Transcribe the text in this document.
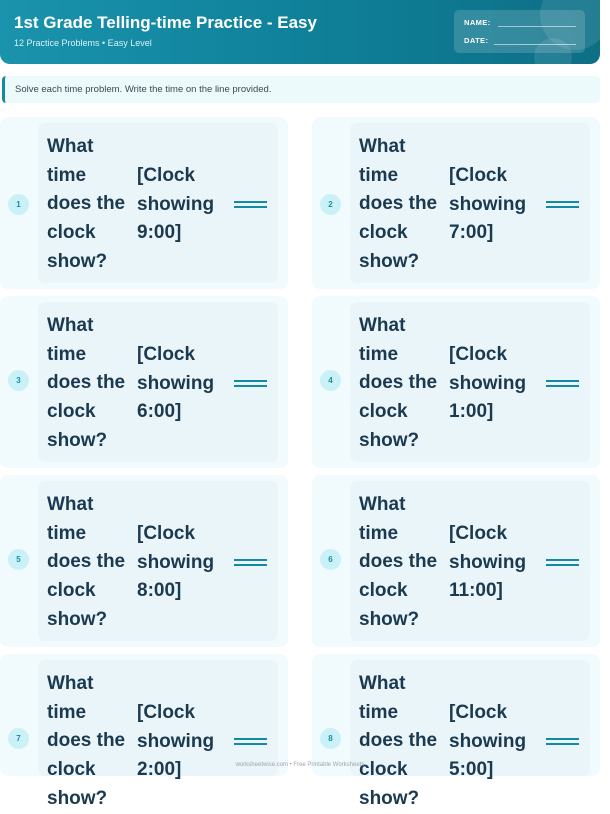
1st Grade Telling-time Practice - Easy
12 Practice Problems • Easy Level
NAME:
DATE:
Solve each time problem. Write the time on the line provided.
1
What time does the clock show?
[Clock showing 9:00]
2
What time does the clock show?
[Clock showing 7:00]
3
What time does the clock show?
[Clock showing 6:00]
4
What time does the clock show?
[Clock showing 1:00]
5
What time does the clock show?
[Clock showing 8:00]
6
What time does the clock show?
[Clock showing 11:00]
7
What time does the clock show?
[Clock showing 2:00]
8
What time does the clock show?
[Clock showing 5:00]
worksheetwise.com • Free Printable Worksheets
